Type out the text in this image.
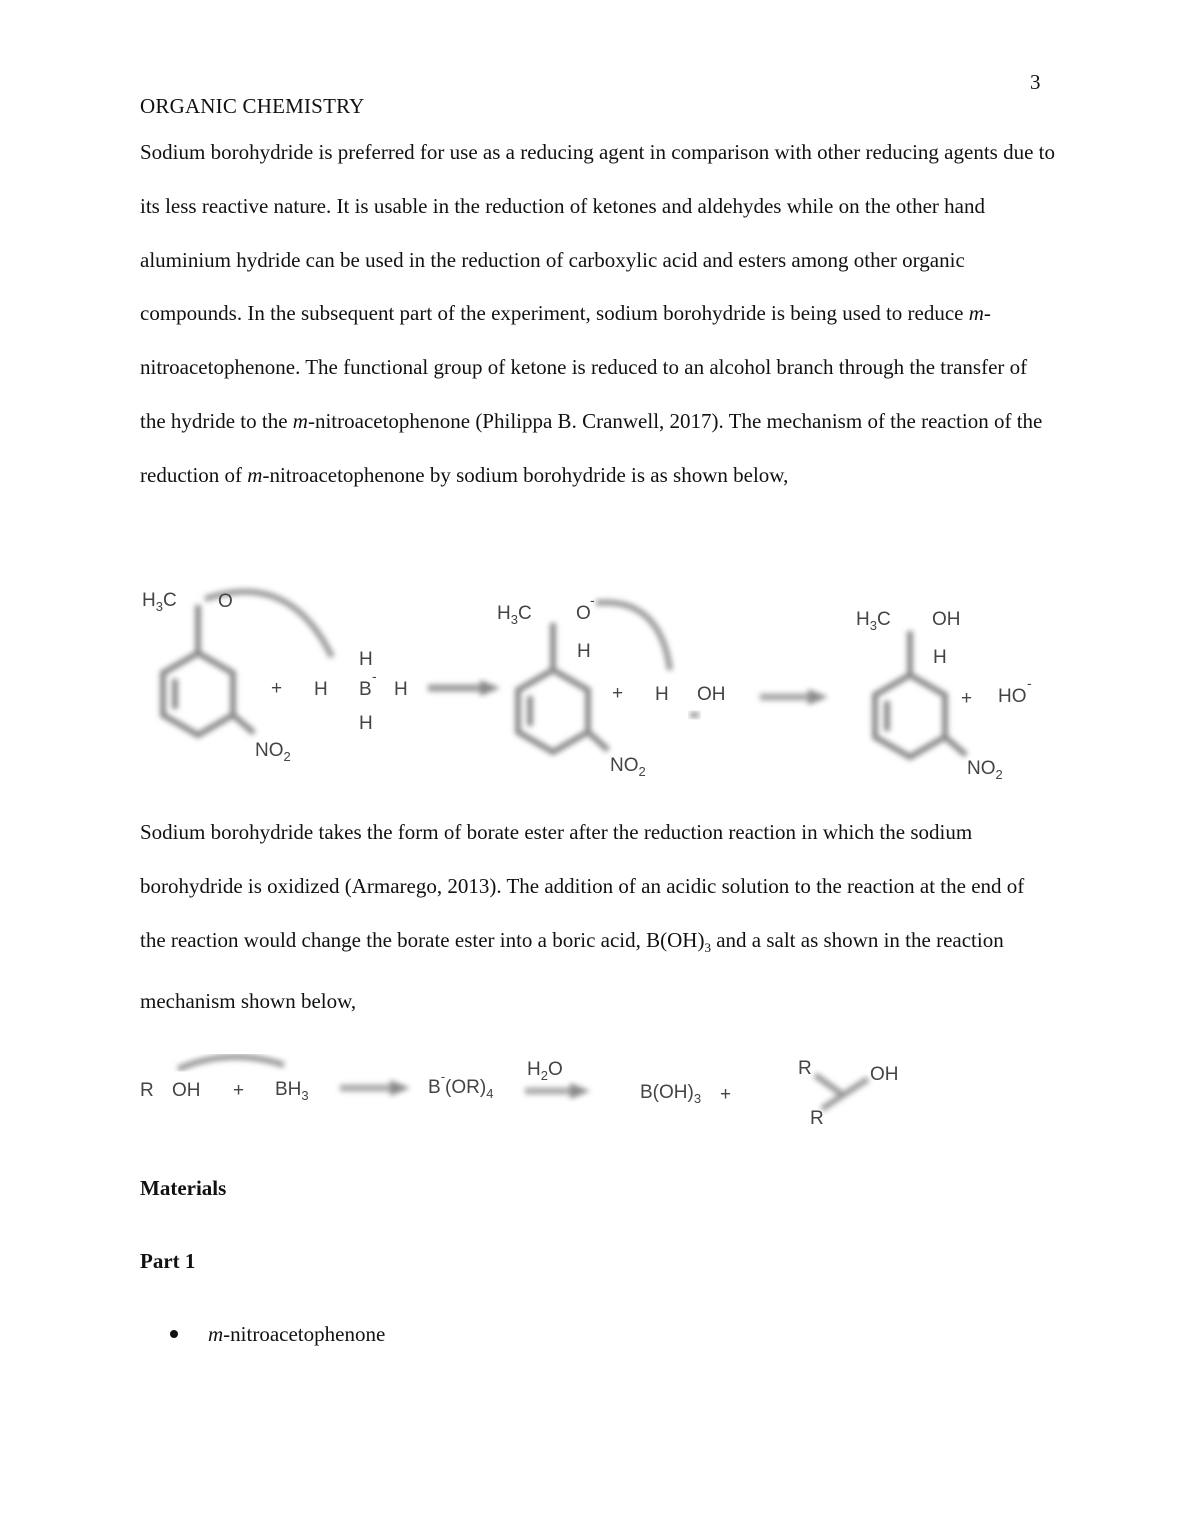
3
ORGANIC CHEMISTRY

Sodium borohydride is preferred for use as a reducing agent in comparison with other reducing agents due to its less reactive nature. It is usable in the reduction of ketones and aldehydes while on the other hand aluminium hydride can be used in the reduction of carboxylic acid and esters among other organic compounds. In the subsequent part of the experiment, sodium borohydride is being used to reduce m-nitroacetophenone. The functional group of ketone is reduced to an alcohol branch through the transfer of the hydride to the m-nitroacetophenone (Philippa B. Cranwell, 2017). The mechanism of the reaction of the reduction of m-nitroacetophenone by sodium borohydride is as shown below,

$H_3C$ O
$NO_2$
+
H
H B
-
H
H
$H_3C$ O
-
H
$NO_2$
+ H OH
$H_3C$ OH
H
$NO_2$
+ HO
-

Sodium borohydride takes the form of borate ester after the reduction reaction in which the sodium borohydride is oxidized (Armarego, 2013). The addition of an acidic solution to the reaction at the end of the reaction would change the borate ester into a boric acid, $B(OH)_3$ and a salt as shown in the reaction mechanism shown below,

R OH + $BH_3$	$B^-(OR)_4$
$H_2O$
$B(OH)_3$ +
R	OH
R
Materials
Part 1
m-nitroacetophenone
